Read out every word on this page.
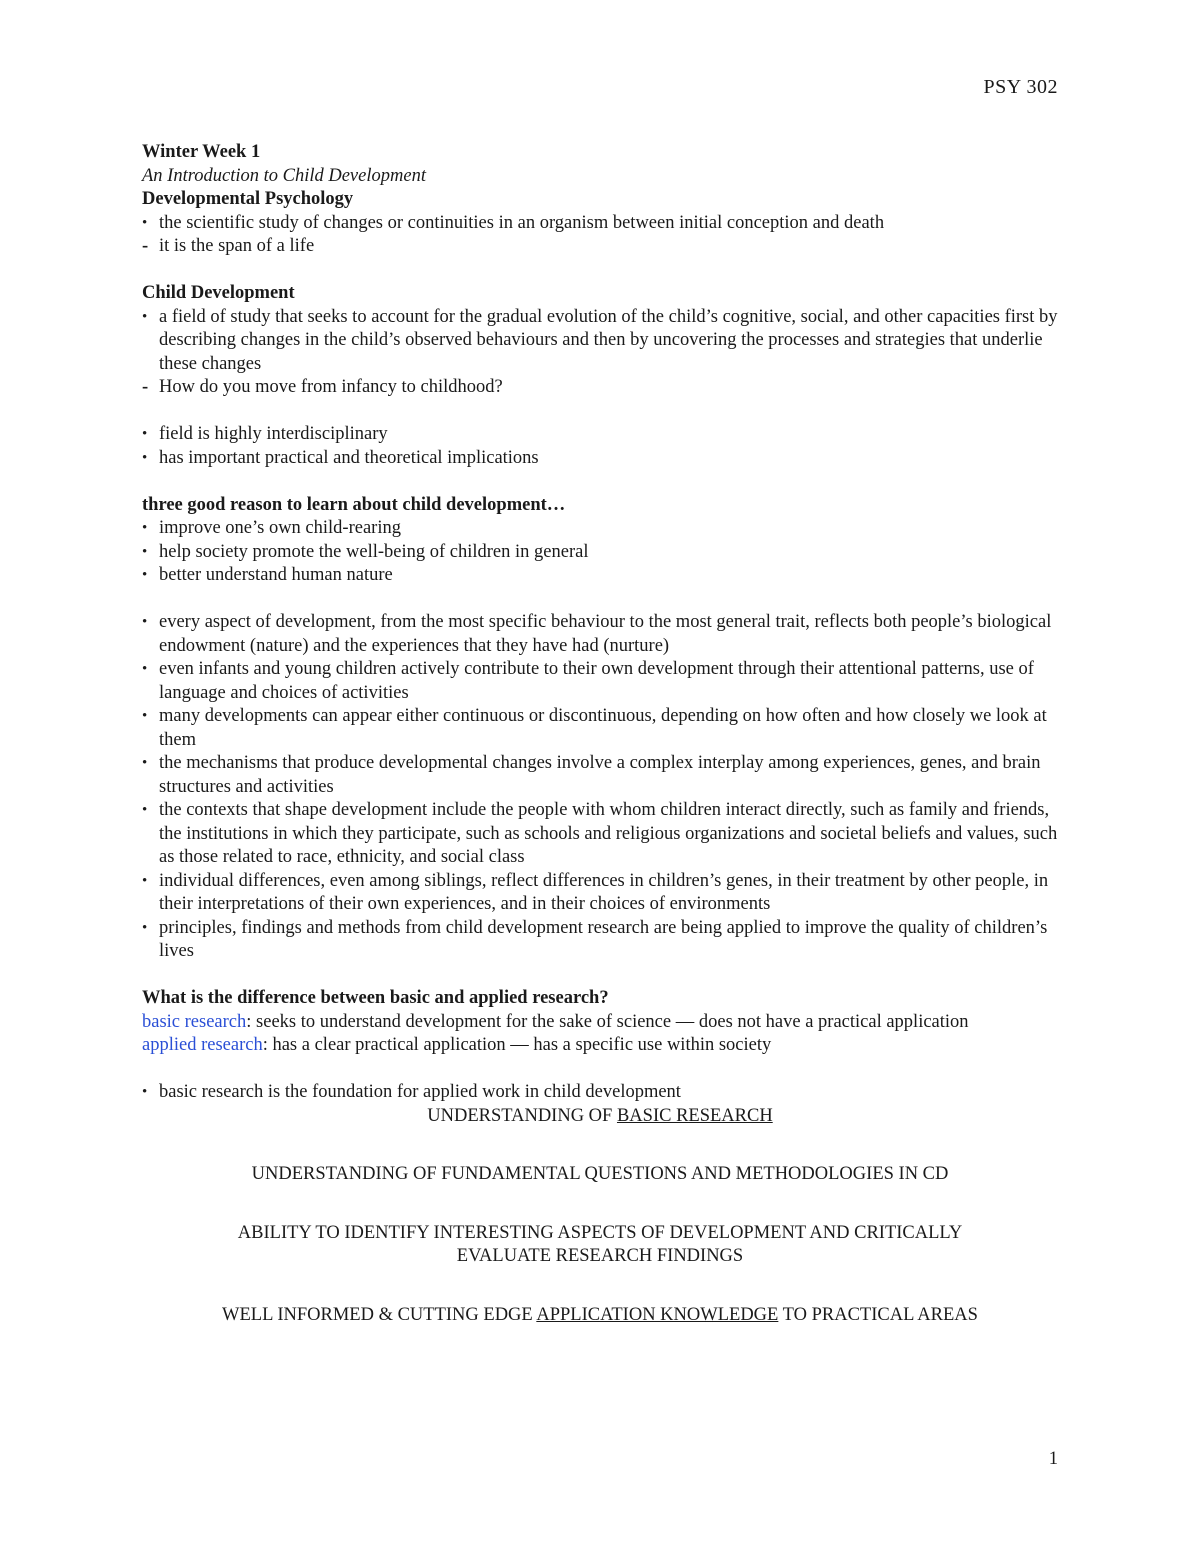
PSY 302

Winter Week 1

An Introduction to Child Development

Developmental Psychology

• the scientific study of changes or continuities in an organism between initial conception and death
- it is the span of a life

Child Development

• a field of study that seeks to account for the gradual evolution of the child’s cognitive, social, and other capacities first by describing changes in the child’s observed behaviours and then by uncovering the processes and strategies that underlie these changes
- How do you move from infancy to childhood?
• field is highly interdisciplinary
• has important practical and theoretical implications

three good reason to learn about child development…

• improve one’s own child-rearing
• help society promote the well-being of children in general
• better understand human nature
• every aspect of development, from the most specific behaviour to the most general trait, reflects both people’s biological endowment (nature) and the experiences that they have had (nurture)
• even infants and young children actively contribute to their own development through their attentional patterns, use of language and choices of activities
• many developments can appear either continuous or discontinuous, depending on how often and how closely we look at them
• the mechanisms that produce developmental changes involve a complex interplay among experiences, genes, and brain structures and activities
• the contexts that shape development include the people with whom children interact directly, such as family and friends, the institutions in which they participate, such as schools and religious organizations and societal beliefs and values, such as those related to race, ethnicity, and social class
• individual differences, even among siblings, reflect differences in children’s genes, in their treatment by other people, in their interpretations of their own experiences, and in their choices of environments
• principles, findings and methods from child development research are being applied to improve the quality of children’s lives

What is the difference between basic and applied research?

basic research: seeks to understand development for the sake of science — does not have a practical application

applied research: has a clear practical application — has a specific use within society

• basic research is the foundation for applied work in child development

UNDERSTANDING OF BASIC RESEARCH

UNDERSTANDING OF FUNDAMENTAL QUESTIONS AND METHODOLOGIES IN CD

ABILITY TO IDENTIFY INTERESTING ASPECTS OF DEVELOPMENT AND CRITICALLY

EVALUATE RESEARCH FINDINGS

WELL INFORMED & CUTTING EDGE APPLICATION KNOWLEDGE TO PRACTICAL AREAS

1
